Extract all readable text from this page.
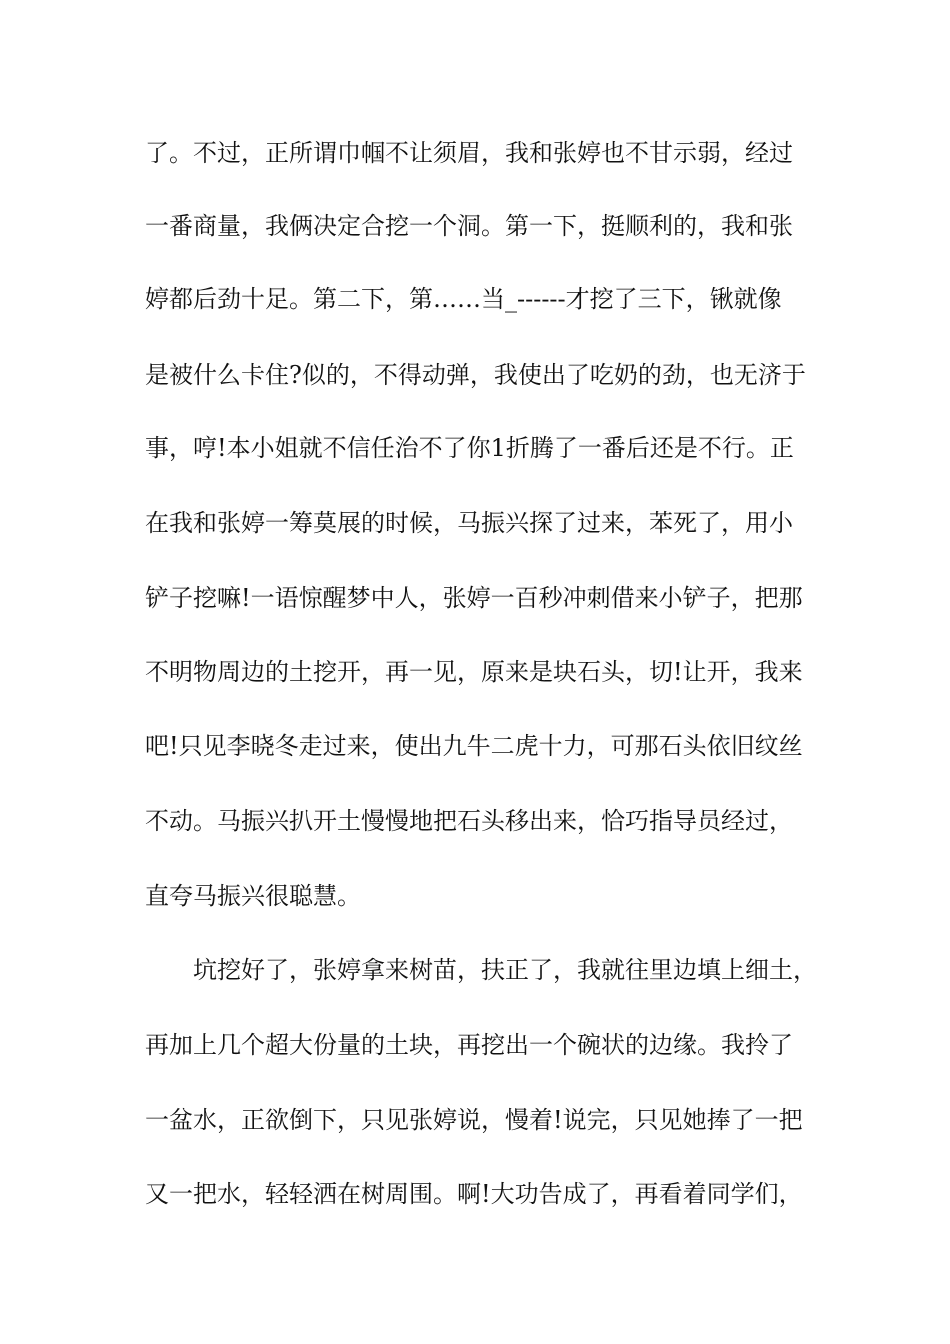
了。不过，正所谓巾帼不让须眉，我和张婷也不甘示弱，经过
一番商量，我俩决定合挖一个洞。第一下，挺顺利的，我和张
婷都后劲十足。第二下，第……当_------才挖了三下，锹就像
是被什么卡住?似的，不得动弹，我使出了吃奶的劲，也无济于
事，哼!本小姐就不信任治不了你1折腾了一番后还是不行。正
在我和张婷一筹莫展的时候，马振兴探了过来，苯死了，用小
铲子挖嘛!一语惊醒梦中人，张婷一百秒冲刺借来小铲子，把那
不明物周边的土挖开，再一见，原来是块石头，切!让开，我来
吧!只见李晓冬走过来，使出九牛二虎十力，可那石头依旧纹丝
不动。马振兴扒开土慢慢地把石头移出来，恰巧指导员经过，
直夸马振兴很聪慧。
坑挖好了，张婷拿来树苗，扶正了，我就往里边填上细土，
再加上几个超大份量的土块，再挖出一个碗状的边缘。我拎了
一盆水，正欲倒下，只见张婷说，慢着!说完，只见她捧了一把
又一把水，轻轻洒在树周围。啊!大功告成了，再看着同学们，
